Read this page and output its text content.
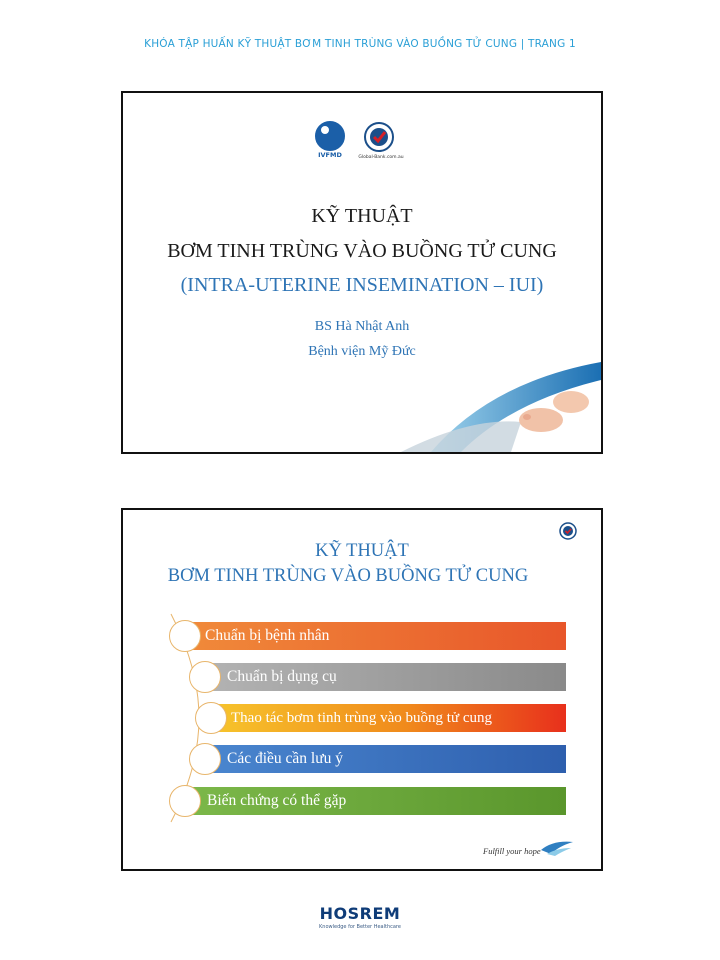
KHÓA TẬP HUẤN KỸ THUẬT BƠM TINH TRÙNG VÀO BUỒNG TỬ CUNG | TRANG 1
IVFMD	Global-Bank.com.au
KỸ THUẬT
BƠM TINH TRÙNG VÀO BUỒNG TỬ CUNG
(INTRA-UTERINE INSEMINATION – IUI)
BS Hà Nhật Anh
Bệnh viện Mỹ Đức
KỸ THUẬT
BƠM TINH TRÙNG VÀO BUỒNG TỬ CUNG
Chuẩn bị bệnh nhân
Chuẩn bị dụng cụ
Thao tác bơm tinh trùng vào buồng tử cung
Các điều cần lưu ý
Biến chứng có thể gặp
Fulfill your hope
HOSREM
Knowledge for Better Healthcare
